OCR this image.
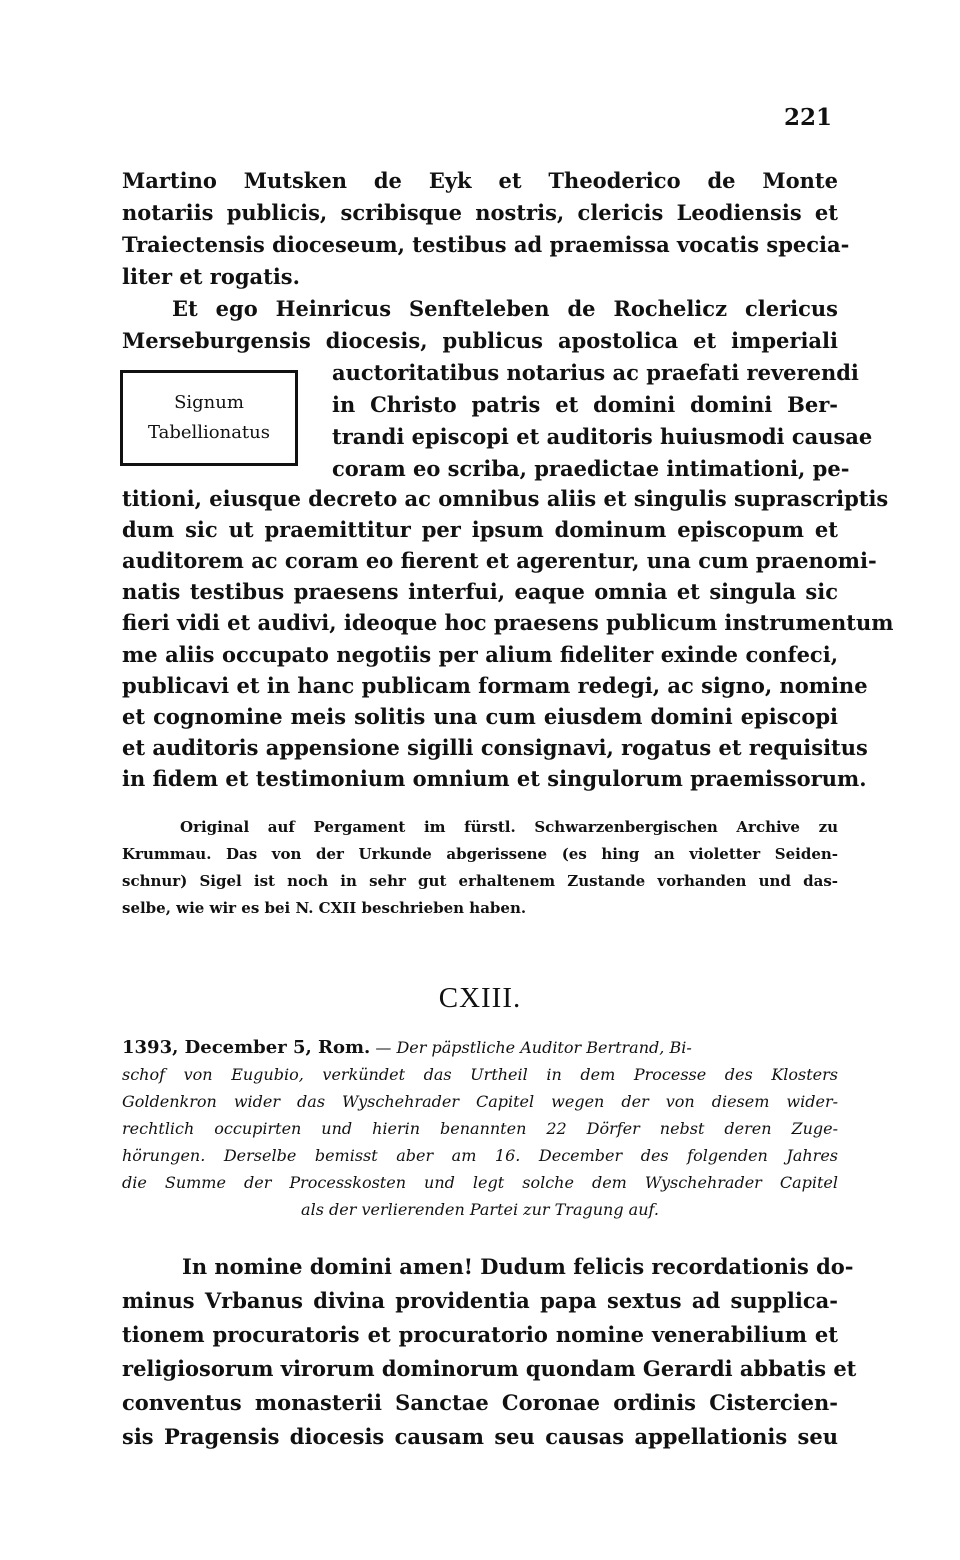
221
Martino Mutsken de Eyk et Theoderico de Monte
notariis publicis, scribisque nostris, clericis Leodiensis et
Traiectensis dioceseum, testibus ad praemissa vocatis specia-
liter et rogatis.
Et ego Heinricus Senfteleben de Rochelicz clericus
Merseburgensis diocesis, publicus apostolica et imperiali
Signum
Tabellionatus
auctoritatibus notarius ac praefati reverendi
in Christo patris et domini domini Ber-
trandi episcopi et auditoris huiusmodi causae
coram eo scriba, praedictae intimationi, pe-
titioni, eiusque decreto ac omnibus aliis et singulis suprascriptis
dum sic ut praemittitur per ipsum dominum episcopum et
auditorem ac coram eo fierent et agerentur, una cum praenomi-
natis testibus praesens interfui, eaque omnia et singula sic
fieri vidi et audivi, ideoque hoc praesens publicum instrumentum
me aliis occupato negotiis per alium fideliter exinde confeci,
publicavi et in hanc publicam formam redegi, ac signo, nomine
et cognomine meis solitis una cum eiusdem domini episcopi
et auditoris appensione sigilli consignavi, rogatus et requisitus
in fidem et testimonium omnium et singulorum praemissorum.
Original auf Pergament im fürstl. Schwarzenbergischen Archive zu
Krummau. Das von der Urkunde abgerissene (es hing an violetter Seiden-
schnur) Sigel ist noch in sehr gut erhaltenem Zustande vorhanden und das-
selbe, wie wir es bei N. CXII beschrieben haben.
CXIII.
1393, December 5, Rom. — Der päpstliche Auditor Bertrand, Bi-
schof von Eugubio, verkündet das Urtheil in dem Processe des Klosters
Goldenkron wider das Wyschehrader Capitel wegen der von diesem wider-
rechtlich occupirten und hierin benannten 22 Dörfer nebst deren Zuge-
hörungen. Derselbe bemisst aber am 16. December des folgenden Jahres
die Summe der Processkosten und legt solche dem Wyschehrader Capitel
als der verlierenden Partei zur Tragung auf.
In nomine domini amen! Dudum felicis recordationis do-
minus Vrbanus divina providentia papa sextus ad supplica-
tionem procuratoris et procuratorio nomine venerabilium et
religiosorum virorum dominorum quondam Gerardi abbatis et
conventus monasterii Sanctae Coronae ordinis Cistercien-
sis Pragensis diocesis causam seu causas appellationis seu
